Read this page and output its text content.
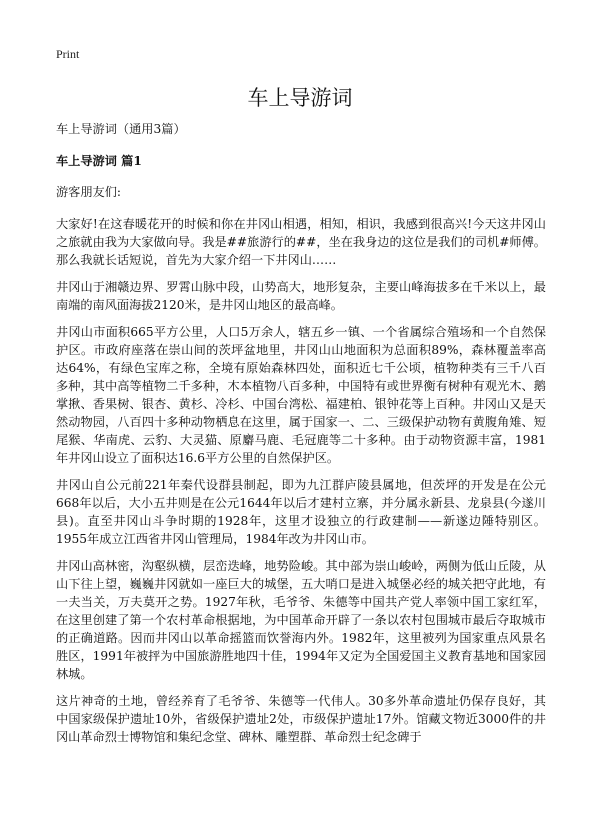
Print
车上导游词

车上导游词（通用3篇）

车上导游词 篇1

游客朋友们:

大家好!在这春暖花开的时候和你在井冈山相遇，相知，相识，我感到很高兴!今天这井冈山之旅就由我为大家做向导。我是##旅游行的##，坐在我身边的这位是我们的司机#师傅。那么我就长话短说，首先为大家介绍一下井冈山……

井冈山于湘赣边界、罗霄山脉中段，山势高大，地形复杂，主要山峰海拔多在千米以上，最南端的南风面海拔2120米，是井冈山地区的最高峰。

井冈山市面积665平方公里，人口5万余人，辖五乡一镇、一个省属综合殖场和一个自然保护区。市政府座落在崇山间的茨坪盆地里，井冈山山地面积为总面积89%，森林覆盖率高达64%，有绿色宝库之称，全境有原始森林四处，面积近七千公顷，植物种类有三千八百多种，其中高等植物二千多种，木本植物八百多种，中国特有或世界衡有树种有观光木、鹅掌揪、香果树、银杏、黄杉、冷杉、中国台湾松、福建柏、银钟花等上百种。井冈山又是天然动物园，八百四十多种动物栖息在这里，属于国家一、二、三级保护动物有黄腹角雉、短尾猴、华南虎、云豹、大灵猫、原麝马鹿、毛冠鹿等二十多种。由于动物资源丰富，1981年井冈山设立了面积达16.6平方公里的自然保护区。

井冈山自公元前221年秦代设群县制起，即为九江群庐陵县属地，但茨坪的开发是在公元668年以后，大小五井则是在公元1644年以后才建村立寨，并分属永新县、龙泉县(今遂川县)。直至井冈山斗争时期的1928年，这里才设独立的行政建制——新遂边陲特别区。1955年成立江西省井冈山管理局，1984年改为井冈山市。

井冈山高林密，沟壑纵横，层峦迭峰，地势险峻。其中部为崇山峻岭，两侧为低山丘陵，从山下往上望，巍巍井冈就如一座巨大的城堡，五大哨口是进入城堡必经的城关把守此地，有一夫当关，万夫莫开之势。1927年秋，毛爷爷、朱德等中国共产党人率领中国工家红军，在这里创建了第一个农村革命根据地，为中国革命开辟了一条以农村包围城市最后夺取城市的正确道路。因而井冈山以革命摇篮而饮誉海内外。1982年，这里被列为国家重点风景名胜区，1991年被抨为中国旅游胜地四十佳，1994年又定为全国爱国主义教育基地和国家园林城。

这片神奇的土地，曾经养育了毛爷爷、朱德等一代伟人。30多外革命遗址仍保存良好，其中国家级保护遗址10外，省级保护遗址2处，市级保护遗址17外。馆藏文物近3000件的井冈山革命烈士博物馆和集纪念堂、碑林、雕塑群、革命烈士纪念碑于
